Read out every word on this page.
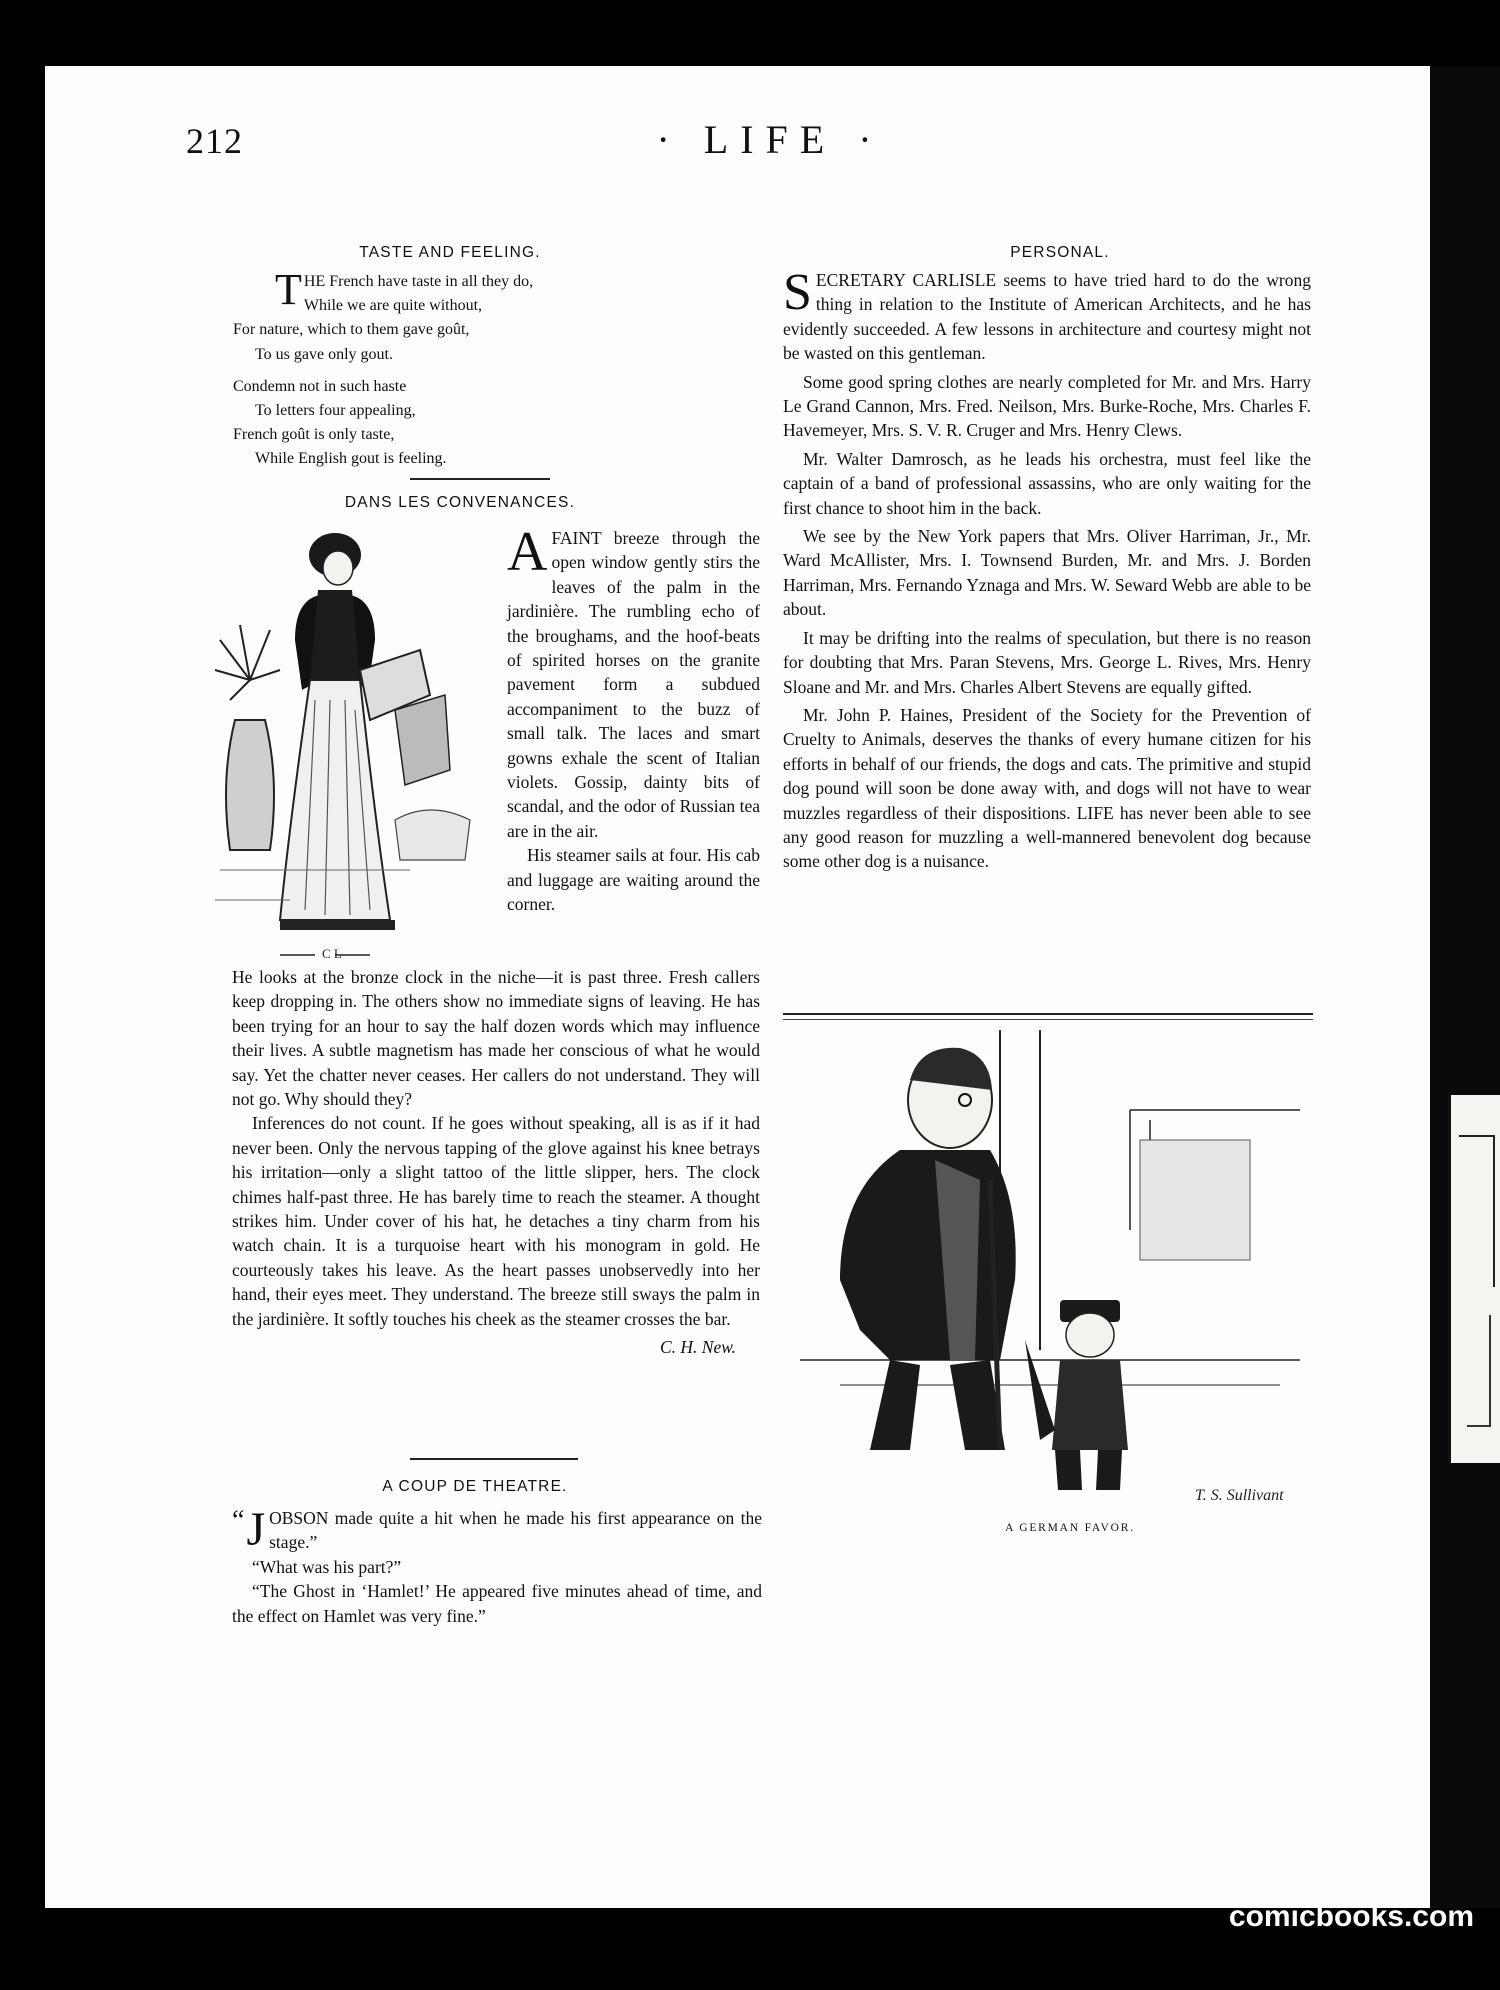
212	· LIFE ·
TASTE AND FEELING.
T HE French have taste in all they do,
While we are quite without,
For nature, which to them gave goût,
To us gave only gout.
Condemn not in such haste
To letters four appealing,
French goût is only taste,
While English gout is feeling.
DANS LES CONVENANCES.
C L

AFAINT breeze through the open window gently stirs the leaves of the palm in the jardinière. The rumbling echo of the broughams, and the hoof-beats of spirited horses on the granite pavement form a subdued accompaniment to the buzz of small talk. The laces and smart gowns exhale the scent of Italian violets. Gossip, dainty bits of scandal, and the odor of Russian tea are in the air.

His steamer sails at four. His cab and luggage are waiting around the corner.

He looks at the bronze clock in the niche—it is past three. Fresh callers keep dropping in. The others show no immediate signs of leaving. He has been trying for an hour to say the half dozen words which may influence their lives. A subtle magnetism has made her conscious of what he would say. Yet the chatter never ceases. Her callers do not understand. They will not go. Why should they?

Inferences do not count. If he goes without speaking, all is as if it had never been. Only the nervous tapping of the glove against his knee betrays his irritation—only a slight tattoo of the little slipper, hers. The clock chimes half-past three. He has barely time to reach the steamer. A thought strikes him. Under cover of his hat, he detaches a tiny charm from his watch chain. It is a turquoise heart with his monogram in gold. He courteously takes his leave. As the heart passes unobservedly into her hand, their eyes meet. They understand. The breeze still sways the palm in the jardinière. It softly touches his cheek as the steamer crosses the bar.

C. H. New.

A COUP DE THEATRE.

“ J OBSON made quite a hit when he made his first appearance on the stage.”

“What was his part?”

“The Ghost in ‘Hamlet!’ He appeared five minutes ahead of time, and the effect on Hamlet was very fine.”

PERSONAL.

SECRETARY CARLISLE seems to have tried hard to do the wrong thing in relation to the Institute of American Architects, and he has evidently succeeded. A few lessons in architecture and courtesy might not be wasted on this gentleman.

Some good spring clothes are nearly completed for Mr. and Mrs. Harry Le Grand Cannon, Mrs. Fred. Neilson, Mrs. Burke-Roche, Mrs. Charles F. Havemeyer, Mrs. S. V. R. Cruger and Mrs. Henry Clews.

Mr. Walter Damrosch, as he leads his orchestra, must feel like the captain of a band of professional assassins, who are only waiting for the first chance to shoot him in the back.

We see by the New York papers that Mrs. Oliver Harriman, Jr., Mr. Ward McAllister, Mrs. I. Townsend Burden, Mr. and Mrs. J. Borden Harriman, Mrs. Fernando Yznaga and Mrs. W. Seward Webb are able to be about.

It may be drifting into the realms of speculation, but there is no reason for doubting that Mrs. Paran Stevens, Mrs. George L. Rives, Mrs. Henry Sloane and Mr. and Mrs. Charles Albert Stevens are equally gifted.

Mr. John P. Haines, President of the Society for the Prevention of Cruelty to Animals, deserves the thanks of every humane citizen for his efforts in behalf of our friends, the dogs and cats. The primitive and stupid dog pound will soon be done away with, and dogs will not have to wear muzzles regardless of their dispositions. LIFE has never been able to see any good reason for muzzling a well-mannered benevolent dog because some other dog is a nuisance.

T. S. Sullivant
A GERMAN FAVOR.
comicbooks.com
